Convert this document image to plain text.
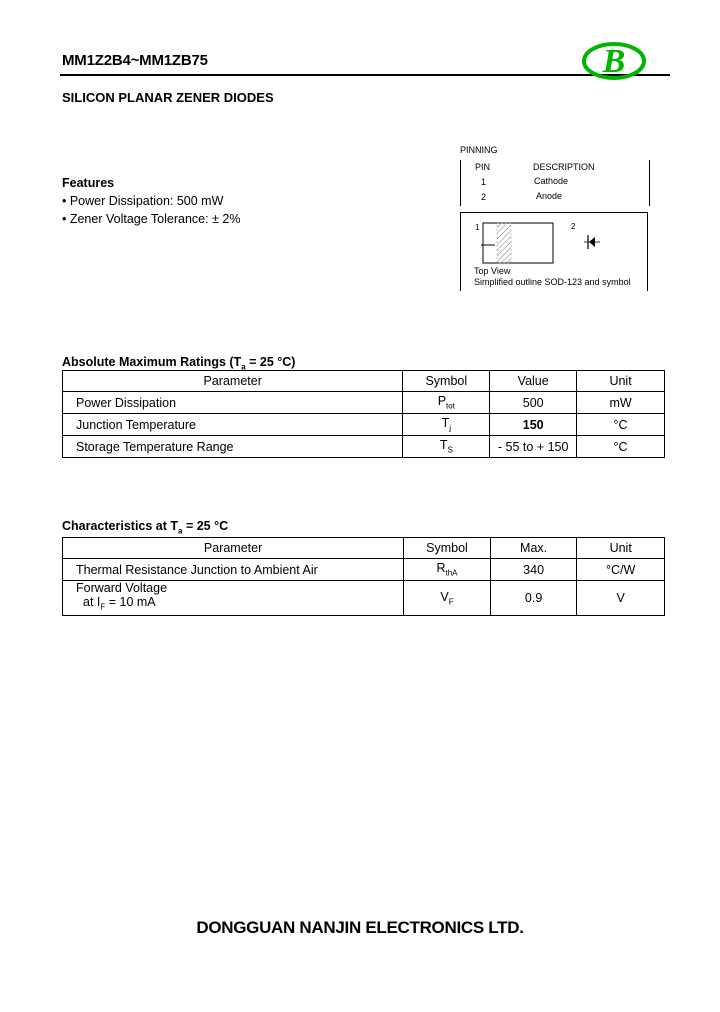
MM1Z2B4~MM1ZB75	B
SILICON PLANAR ZENER DIODES
Features
• Power Dissipation: 500 mW
• Zener Voltage Tolerance: ± 2%
PINNING
PIN	DESCRIPTION
1	Cathode
2	Anode
1	2
Top View
Simplified outline SOD-123 and symbol
Absolute Maximum Ratings ($T_a = 25$ °C)
Parameter	Symbol	Value	Unit
Power Dissipation	$P_{tot}$	500	mW
Junction Temperature	$T_j$	150	°C
Storage Temperature Range	$T_S$	- 55 to + 150	°C
Characteristics at $T_a = 25$ °C
Parameter	Symbol	Max.	Unit
Thermal Resistance Junction to Ambient Air	$R_{thA}$	340	°C/W

Forward Voltage
at $I_F = 10$ mA	$V_F$	0.9	V
DONGGUAN NANJIN ELECTRONICS LTD.
